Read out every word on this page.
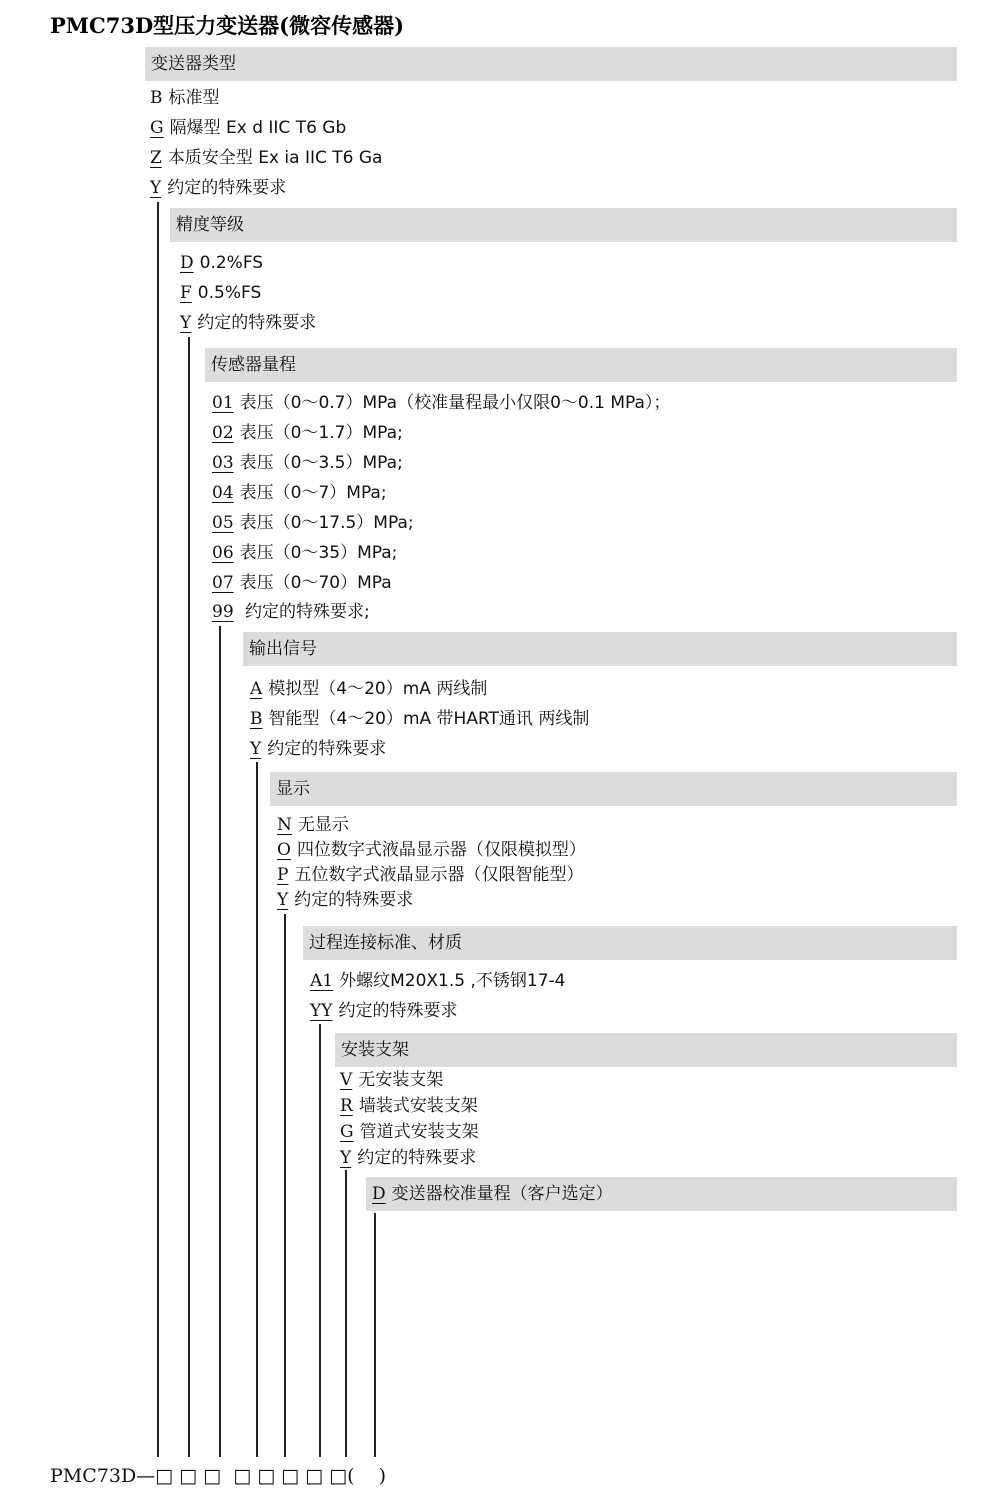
PMC73D型压力变送器(微容传感器)
变送器类型
B 标准型
G 隔爆型 Ex d IIC T6 Gb
Z 本质安全型 Ex ia IIC T6 Ga
Y 约定的特殊要求
精度等级
D 0.2%FS
F 0.5%FS
Y 约定的特殊要求
传感器量程
01 表压（0～0.7）MPa（校准量程最小仅限0～0.1 MPa）；
02 表压（0～1.7）MPa;
03 表压（0～3.5）MPa;
04 表压（0～7）MPa;
05 表压（0～17.5）MPa;
06 表压（0～35）MPa;
07 表压（0～70）MPa
99 约定的特殊要求;
输出信号
A 模拟型（4～20）mA 两线制
B 智能型（4～20）mA 带HART通讯 两线制
Y 约定的特殊要求
显示
N 无显示
O 四位数字式液晶显示器（仅限模拟型）
P 五位数字式液晶显示器（仅限智能型）
Y 约定的特殊要求
过程连接标准、材质
A1 外螺纹M20X1.5 ,不锈钢17-4
YY 约定的特殊要求
安装支架
V 无安装支架
R 墙装式安装支架
G 管道式安装支架
Y 约定的特殊要求
D 变送器校准量程（客户选定）
PMC73D—□ □ □  □ □ □ □ □(    )
